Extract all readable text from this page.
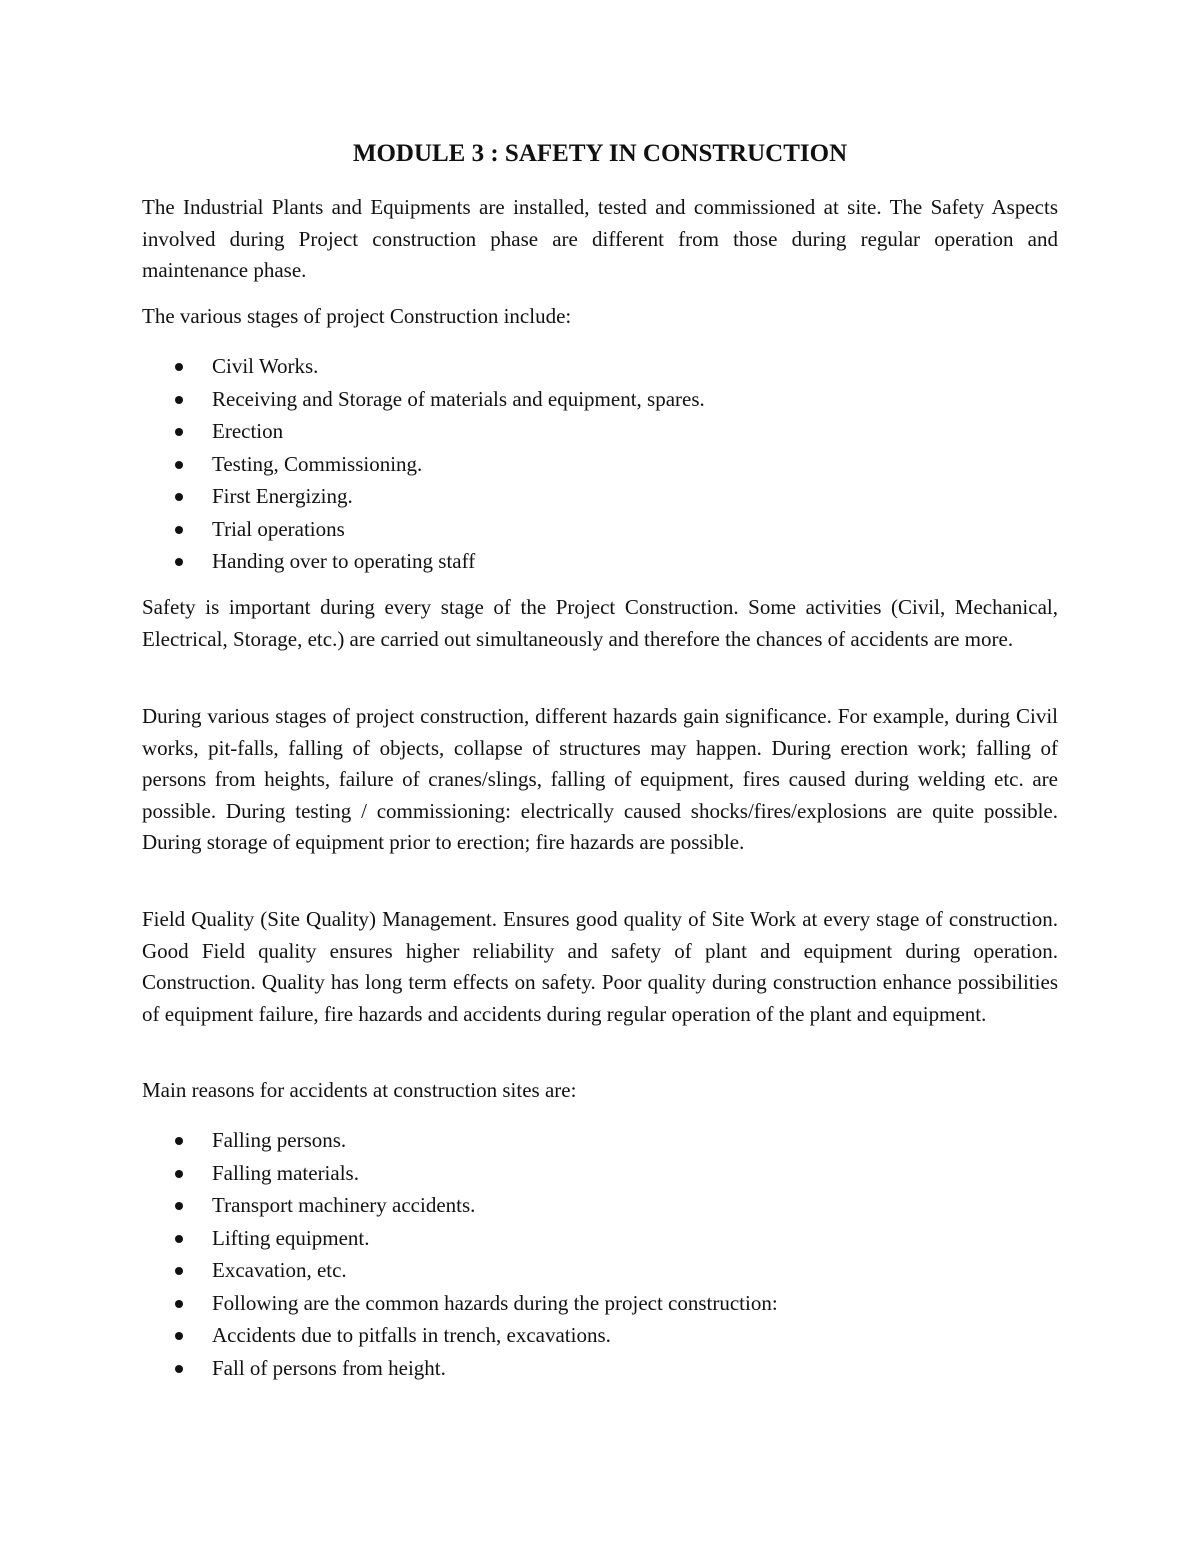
MODULE 3 : SAFETY IN CONSTRUCTION

The Industrial Plants and Equipments are installed, tested and commissioned at site. The Safety Aspects involved during Project construction phase are different from those during regular operation and maintenance phase.

The various stages of project Construction include:

Civil Works.
Receiving and Storage of materials and equipment, spares.
Erection
Testing, Commissioning.
First Energizing.
Trial operations
Handing over to operating staff

Safety is important during every stage of the Project Construction. Some activities (Civil, Mechanical, Electrical, Storage, etc.) are carried out simultaneously and therefore the chances of accidents are more.

During various stages of project construction, different hazards gain significance. For example, during Civil works, pit-falls, falling of objects, collapse of structures may happen. During erection work; falling of persons from heights, failure of cranes/slings, falling of equipment, fires caused during welding etc. are possible. During testing / commissioning: electrically caused shocks/fires/explosions are quite possible. During storage of equipment prior to erection; fire hazards are possible.

Field Quality (Site Quality) Management. Ensures good quality of Site Work at every stage of construction. Good Field quality ensures higher reliability and safety of plant and equipment during operation. Construction. Quality has long term effects on safety. Poor quality during construction enhance possibilities of equipment failure, fire hazards and accidents during regular operation of the plant and equipment.

Main reasons for accidents at construction sites are:

Falling persons.
Falling materials.
Transport machinery accidents.
Lifting equipment.
Excavation, etc.
Following are the common hazards during the project construction:
Accidents due to pitfalls in trench, excavations.
Fall of persons from height.
